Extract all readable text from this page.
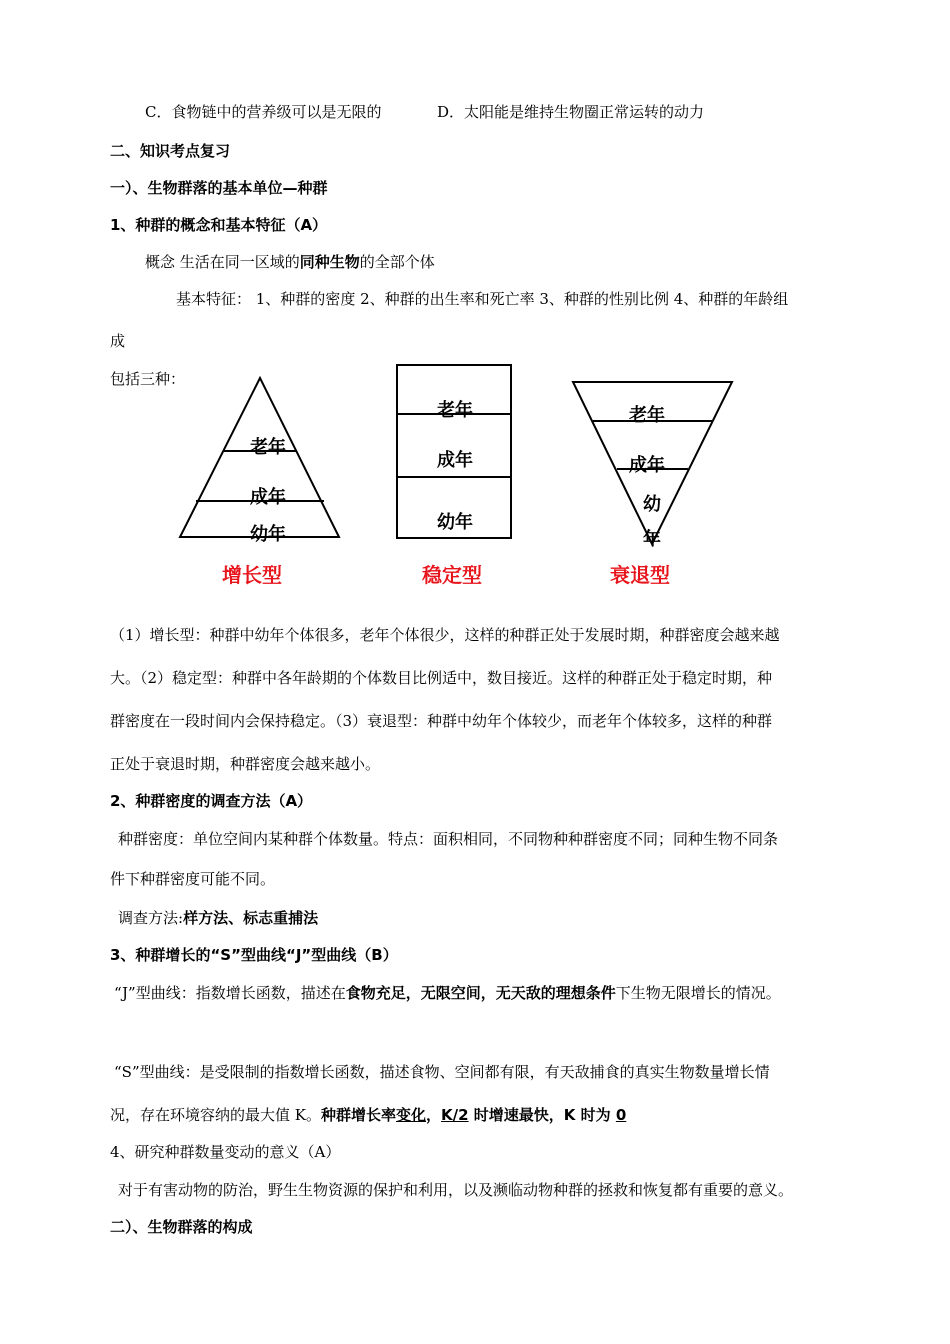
C．食物链中的营养级可以是无限的	D．太阳能是维持生物圈正常运转的动力
二、知识考点复习
一）、生物群落的基本单位—种群
1、种群的概念和基本特征（A）
概念 生活在同一区域的同种生物的全部个体
基本特征： 1、种群的密度 2、种群的出生率和死亡率 3、种群的性别比例 4、种群的年龄组
成
包括三种：
老年
成年
幼年
增长型
老年
成年
幼年
稳定型
老年
成年
幼
年
衰退型
（1）增长型：种群中幼年个体很多，老年个体很少，这样的种群正处于发展时期，种群密度会越来越
大。（2）稳定型：种群中各年龄期的个体数目比例适中，数目接近。这样的种群正处于稳定时期，种
群密度在一段时间内会保持稳定。（3）衰退型：种群中幼年个体较少，而老年个体较多，这样的种群
正处于衰退时期，种群密度会越来越小。
2、种群密度的调查方法（A）
种群密度：单位空间内某种群个体数量。特点：面积相同，不同物种种群密度不同；同种生物不同条
件下种群密度可能不同。
调查方法:样方法、标志重捕法
3、种群增长的“S”型曲线“J”型曲线（B）
“J”型曲线：指数增长函数，描述在食物充足，无限空间，无天敌的理想条件下生物无限增长的情况。
“S”型曲线：是受限制的指数增长函数，描述食物、空间都有限，有天敌捕食的真实生物数量增长情
况，存在环境容纳的最大值 K。种群增长率变化，K/2 时增速最快，K 时为 0
4、研究种群数量变动的意义（A）
对于有害动物的防治，野生生物资源的保护和利用，以及濒临动物种群的拯救和恢复都有重要的意义。
二）、生物群落的构成
